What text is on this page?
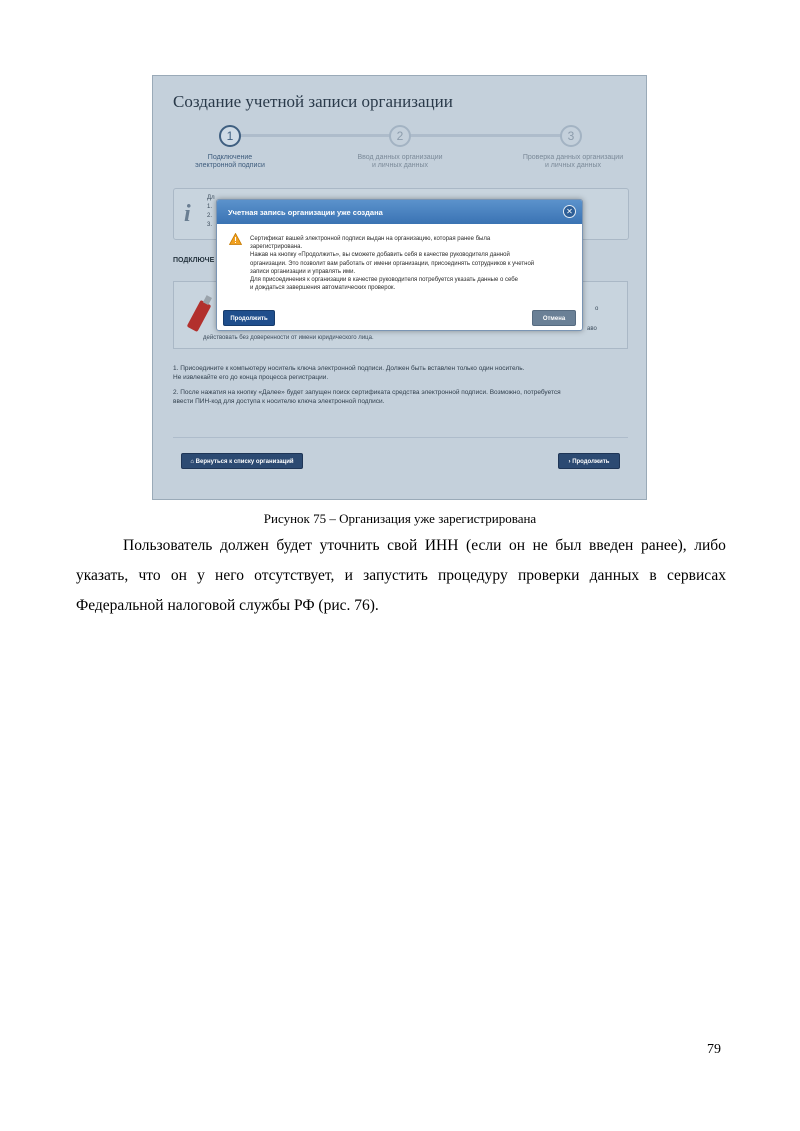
Создание учетной записи организации
1	2	3
Подключение
электронной подписи
Ввод данных организации
и личных данных
Проверка данных организации
и личных данных
i
Дл
1.
2.
3.
ПОДКЛЮЧЕ
о
аво
действовать без доверенности от имени юридического лица.
1. Присоедините к компьютеру носитель ключа электронной подписи. Должен быть вставлен только один носитель.
Не извлекайте его до конца процесса регистрации.
2. После нажатия на кнопку «Далее» будет запущен поиск сертификата средства электронной подписи. Возможно, потребуется
ввести ПИН-код для доступа к носителю ключа электронной подписи.
⌂ Вернуться к списку организаций	› Продолжить
Учетная запись организации уже создана	✕
Сертификат вашей электронной подписи выдан на организацию, которая ранее была
зарегистрирована.
Нажав на кнопку «Продолжить», вы сможете добавить себя в качестве руководителя данной
организации. Это позволит вам работать от имени организации, присоединять сотрудников к учетной
записи организации и управлять ими.
Для присоединения к организации в качестве руководителя потребуется указать данные о себе
и дождаться завершения автоматических проверок.
Продолжить	Отмена
Рисунок 75 – Организация уже зарегистрирована
Пользователь должен будет уточнить свой ИНН (если он не был введен ранее), либо
указать, что он у него отсутствует, и запустить процедуру проверки данных в сервисах
Федеральной налоговой службы РФ (рис. 76).
79
